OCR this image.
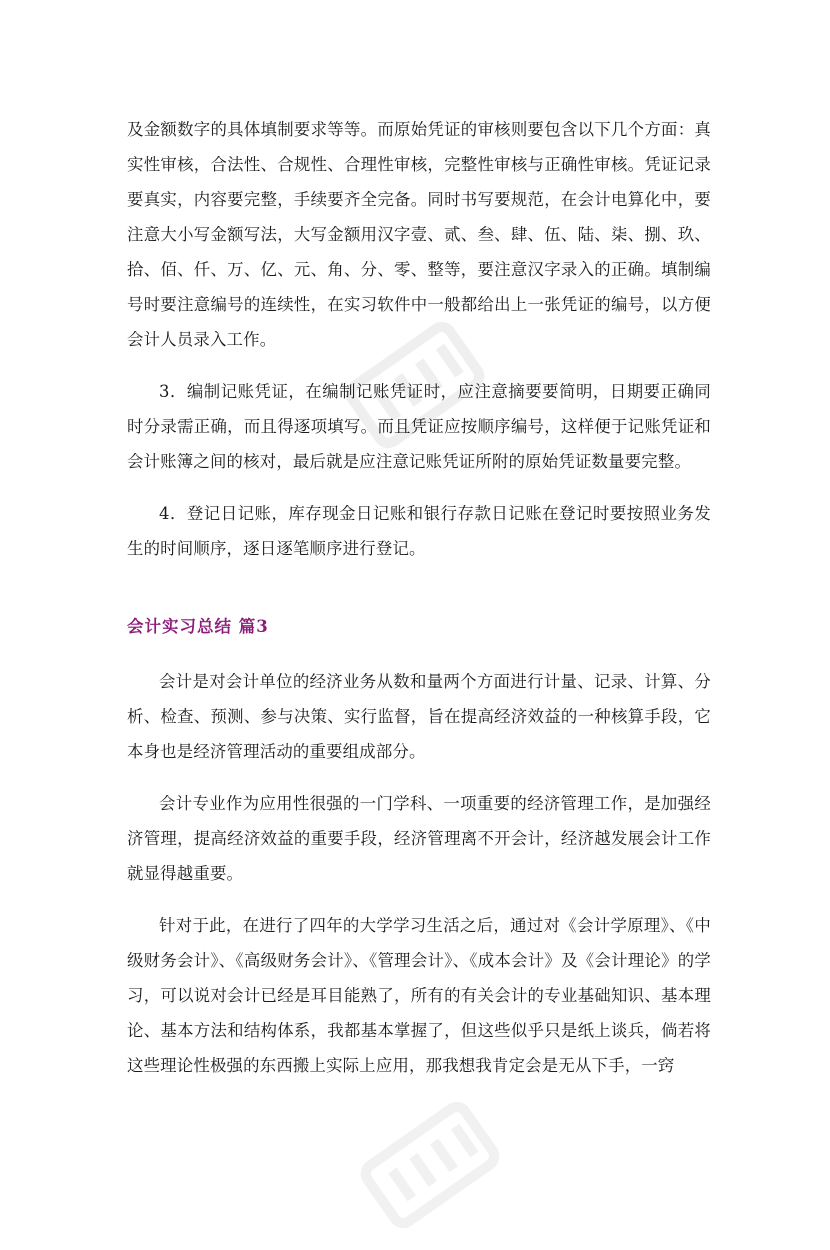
及金额数字的具体填制要求等等。而原始凭证的审核则要包含以下几个方面：真实性审核，合法性、合规性、合理性审核，完整性审核与正确性审核。凭证记录要真实，内容要完整，手续要齐全完备。同时书写要规范，在会计电算化中，要注意大小写金额写法，大写金额用汉字壹、贰、叁、肆、伍、陆、柒、捌、玖、拾、佰、仟、万、亿、元、角、分、零、整等，要注意汉字录入的正确。填制编号时要注意编号的连续性，在实习软件中一般都给出上一张凭证的编号，以方便会计人员录入工作。

3．编制记账凭证，在编制记账凭证时，应注意摘要要简明，日期要正确同时分录需正确，而且得逐项填写。而且凭证应按顺序编号，这样便于记账凭证和会计账簿之间的核对，最后就是应注意记账凭证所附的原始凭证数量要完整。

4．登记日记账，库存现金日记账和银行存款日记账在登记时要按照业务发生的时间顺序，逐日逐笔顺序进行登记。

会计实习总结 篇3

会计是对会计单位的经济业务从数和量两个方面进行计量、记录、计算、分析、检查、预测、参与决策、实行监督，旨在提高经济效益的一种核算手段，它本身也是经济管理活动的重要组成部分。

会计专业作为应用性很强的一门学科、一项重要的经济管理工作，是加强经济管理，提高经济效益的重要手段，经济管理离不开会计，经济越发展会计工作就显得越重要。

针对于此，在进行了四年的大学学习生活之后，通过对《会计学原理》、《中级财务会计》、《高级财务会计》、《管理会计》、《成本会计》及《会计理论》的学习，可以说对会计已经是耳目能熟了，所有的有关会计的专业基础知识、基本理论、基本方法和结构体系，我都基本掌握了，但这些似乎只是纸上谈兵，倘若将这些理论性极强的东西搬上实际上应用，那我想我肯定会是无从下手，一窍
